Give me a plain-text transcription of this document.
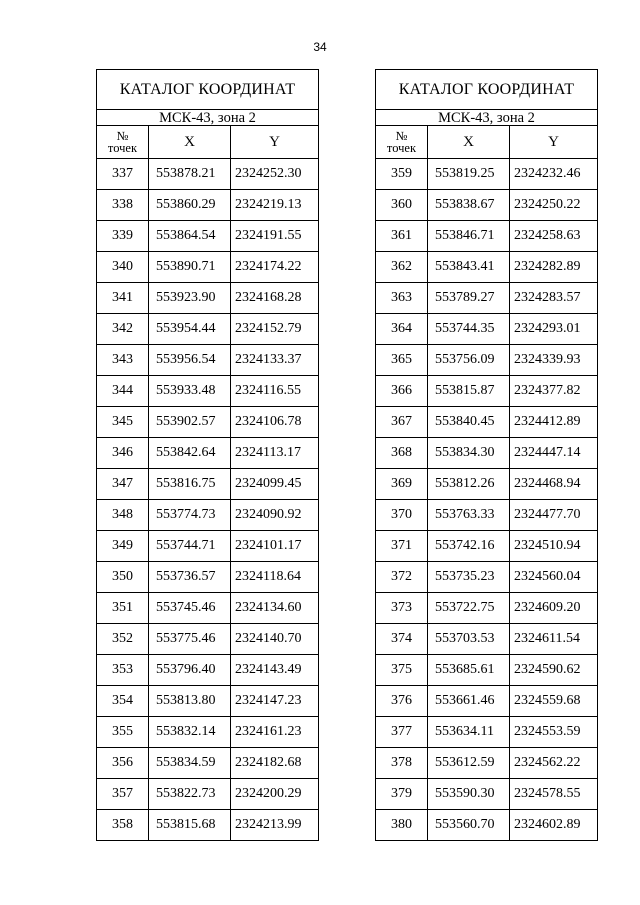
34
КАТАЛОГ КООРДИНАТ		
МСК-43, зона 2		
№
точек	X	Y
337	553878.21	2324252.30
338	553860.29	2324219.13
339	553864.54	2324191.55
340	553890.71	2324174.22
341	553923.90	2324168.28
342	553954.44	2324152.79
343	553956.54	2324133.37
344	553933.48	2324116.55
345	553902.57	2324106.78
346	553842.64	2324113.17
347	553816.75	2324099.45
348	553774.73	2324090.92
349	553744.71	2324101.17
350	553736.57	2324118.64
351	553745.46	2324134.60
352	553775.46	2324140.70
353	553796.40	2324143.49
354	553813.80	2324147.23
355	553832.14	2324161.23
356	553834.59	2324182.68
357	553822.73	2324200.29
358	553815.68	2324213.99
КАТАЛОГ КООРДИНАТ		
МСК-43, зона 2		
№
точек	X	Y
359	553819.25	2324232.46
360	553838.67	2324250.22
361	553846.71	2324258.63
362	553843.41	2324282.89
363	553789.27	2324283.57
364	553744.35	2324293.01
365	553756.09	2324339.93
366	553815.87	2324377.82
367	553840.45	2324412.89
368	553834.30	2324447.14
369	553812.26	2324468.94
370	553763.33	2324477.70
371	553742.16	2324510.94
372	553735.23	2324560.04
373	553722.75	2324609.20
374	553703.53	2324611.54
375	553685.61	2324590.62
376	553661.46	2324559.68
377	553634.11	2324553.59
378	553612.59	2324562.22
379	553590.30	2324578.55
380	553560.70	2324602.89
